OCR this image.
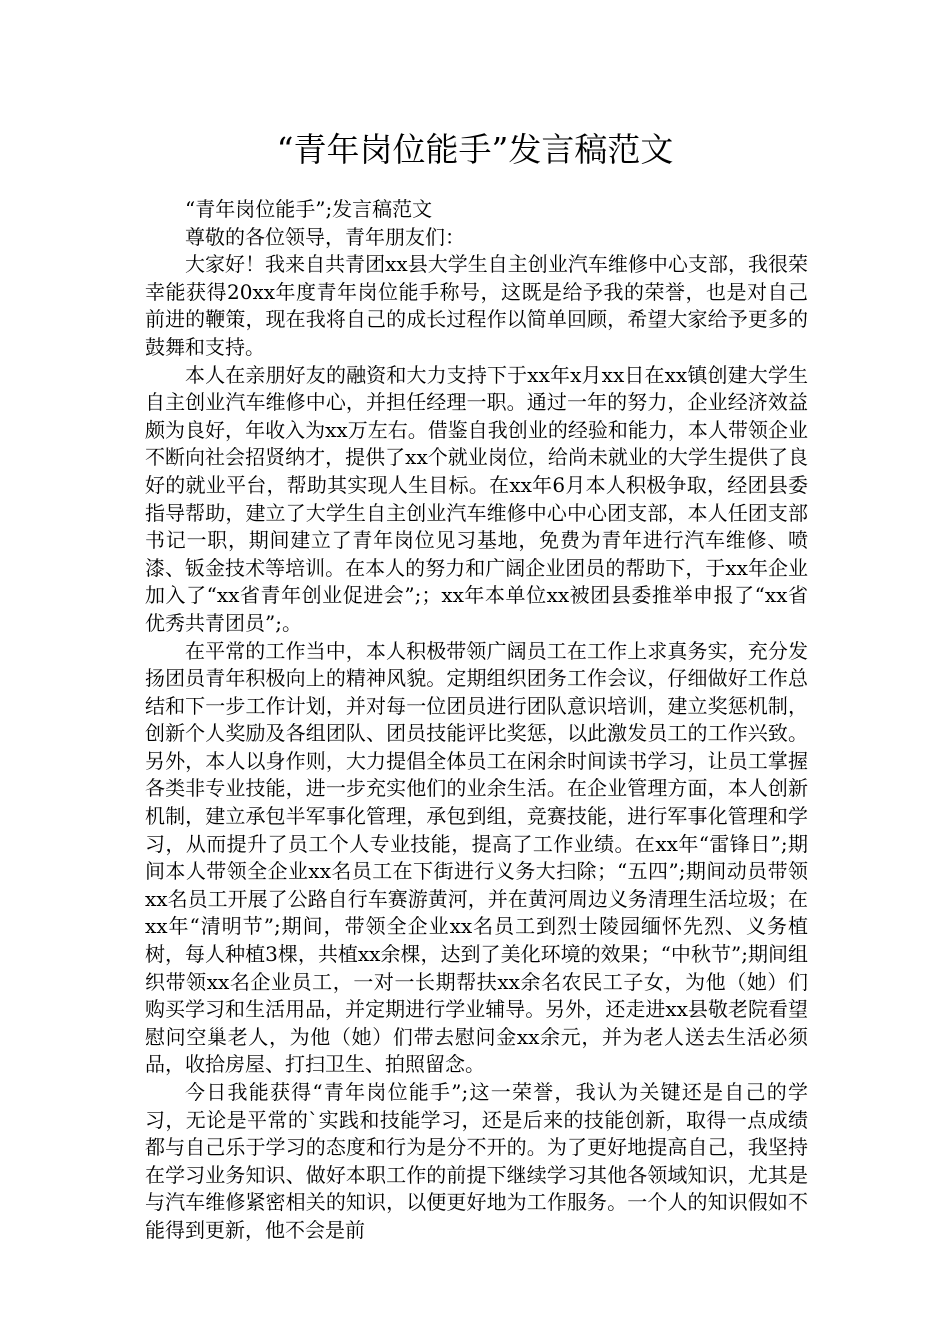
“青年岗位能手”发言稿范文

“青年岗位能手”;发言稿范文

尊敬的各位领导，青年朋友们：

大家好！我来自共青团xx县大学生自主创业汽车维修中心支部，我很荣幸能获得20xx年度青年岗位能手称号，这既是给予我的荣誉，也是对自己前进的鞭策，现在我将自己的成长过程作以简单回顾，希望大家给予更多的鼓舞和支持。

本人在亲朋好友的融资和大力支持下于xx年x月xx日在xx镇创建大学生自主创业汽车维修中心，并担任经理一职。通过一年的努力，企业经济效益颇为良好，年收入为xx万左右。借鉴自我创业的经验和能力，本人带领企业不断向社会招贤纳才，提供了xx个就业岗位，给尚未就业的大学生提供了良好的就业平台，帮助其实现人生目标。在xx年6月本人积极争取，经团县委指导帮助，建立了大学生自主创业汽车维修中心中心团支部，本人任团支部书记一职，期间建立了青年岗位见习基地，免费为青年进行汽车维修、喷漆、钣金技术等培训。在本人的努力和广阔企业团员的帮助下，于xx年企业加入了“xx省青年创业促进会”;；xx年本单位xx被团县委推举申报了“xx省优秀共青团员”;。

在平常的工作当中，本人积极带领广阔员工在工作上求真务实，充分发扬团员青年积极向上的精神风貌。定期组织团务工作会议，仔细做好工作总结和下一步工作计划，并对每一位团员进行团队意识培训，建立奖惩机制，创新个人奖励及各组团队、团员技能评比奖惩，以此激发员工的工作兴致。另外，本人以身作则，大力提倡全体员工在闲余时间读书学习，让员工掌握各类非专业技能，进一步充实他们的业余生活。在企业管理方面，本人创新机制，建立承包半军事化管理，承包到组，竞赛技能，进行军事化管理和学习，从而提升了员工个人专业技能，提高了工作业绩。在xx年“雷锋日”;期间本人带领全企业xx名员工在下街进行义务大扫除；“五四”;期间动员带领xx名员工开展了公路自行车赛游黄河，并在黄河周边义务清理生活垃圾；在xx年“清明节”;期间，带领全企业xx名员工到烈士陵园缅怀先烈、义务植树，每人种植3棵，共植xx余棵，达到了美化环境的效果；“中秋节”;期间组织带领xx名企业员工，一对一长期帮扶xx余名农民工子女，为他（她）们购买学习和生活用品，并定期进行学业辅导。另外，还走进xx县敬老院看望慰问空巢老人，为他（她）们带去慰问金xx余元，并为老人送去生活必须品，收拾房屋、打扫卫生、拍照留念。

今日我能获得“青年岗位能手”;这一荣誉，我认为关键还是自己的学习，无论是平常的`实践和技能学习，还是后来的技能创新，取得一点成绩都与自己乐于学习的态度和行为是分不开的。为了更好地提高自己，我坚持在学习业务知识、做好本职工作的前提下继续学习其他各领域知识，尤其是与汽车维修紧密相关的知识，以便更好地为工作服务。一个人的知识假如不能得到更新，他不会是前
